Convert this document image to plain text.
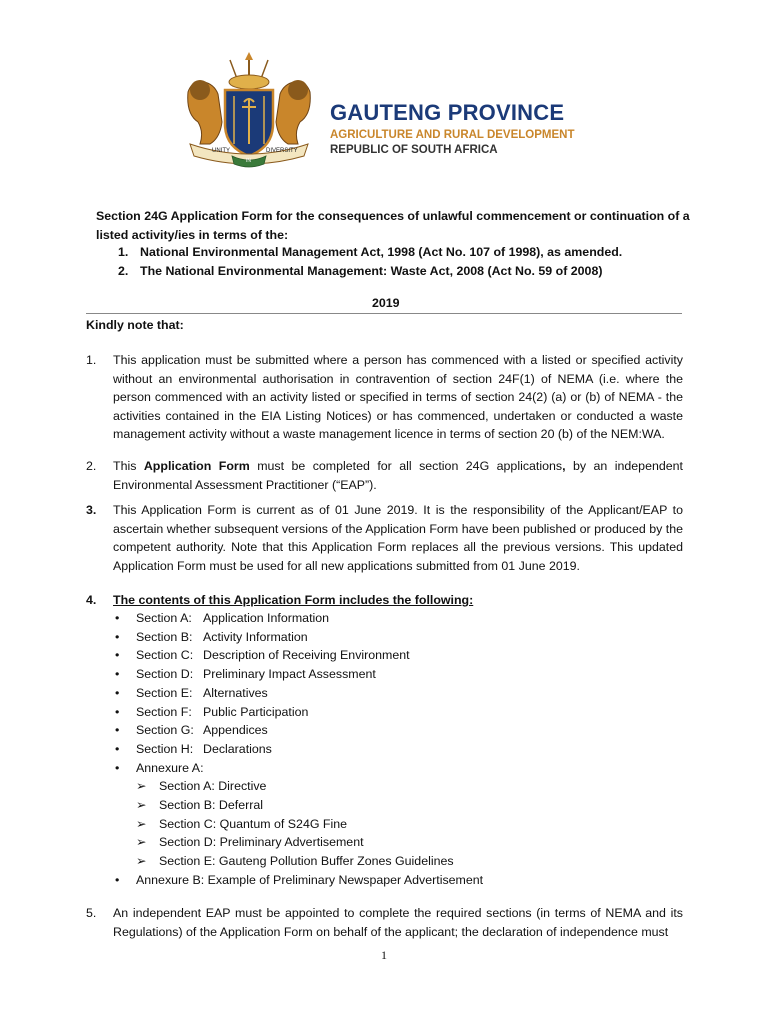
UNITY
IN
DIVERSITY
GAUTENG PROVINCE
AGRICULTURE AND RURAL DEVELOPMENT
REPUBLIC OF SOUTH AFRICA
Section 24G Application Form for the consequences of unlawful commencement or continuation of a listed activity/ies in terms of the:
1. National Environmental Management Act, 1998 (Act No. 107 of 1998), as amended.
2. The National Environmental Management: Waste Act, 2008 (Act No. 59 of 2008)
2019
Kindly note that:
1. This application must be submitted where a person has commenced with a listed or specified activity without an environmental authorisation in contravention of section 24F(1) of NEMA (i.e. where the person commenced with an activity listed or specified in terms of section 24(2) (a) or (b) of NEMA - the activities contained in the EIA Listing Notices) or has commenced, undertaken or conducted a waste management activity without a waste management licence in terms of section 20 (b) of the NEM:WA.
2. This Application Form must be completed for all section 24G applications, by an independent Environmental Assessment Practitioner (“EAP”).
3. This Application Form is current as of 01 June 2019. It is the responsibility of the Applicant/EAP to ascertain whether subsequent versions of the Application Form have been published or produced by the competent authority. Note that this Application Form replaces all the previous versions. This updated Application Form must be used for all new applications submitted from 01 June 2019.
4. The contents of this Application Form includes the following:
• Section A: Application Information
• Section B: Activity Information
• Section C: Description of Receiving Environment
• Section D: Preliminary Impact Assessment
• Section E: Alternatives
• Section F: Public Participation
• Section G: Appendices
• Section H: Declarations
• Annexure A:
➢ Section A: Directive
➢ Section B: Deferral
➢ Section C: Quantum of S24G Fine
➢ Section D: Preliminary Advertisement
➢ Section E: Gauteng Pollution Buffer Zones Guidelines
• Annexure B: Example of Preliminary Newspaper Advertisement
5. An independent EAP must be appointed to complete the required sections (in terms of NEMA and its Regulations) of the Application Form on behalf of the applicant; the declaration of independence must
1
